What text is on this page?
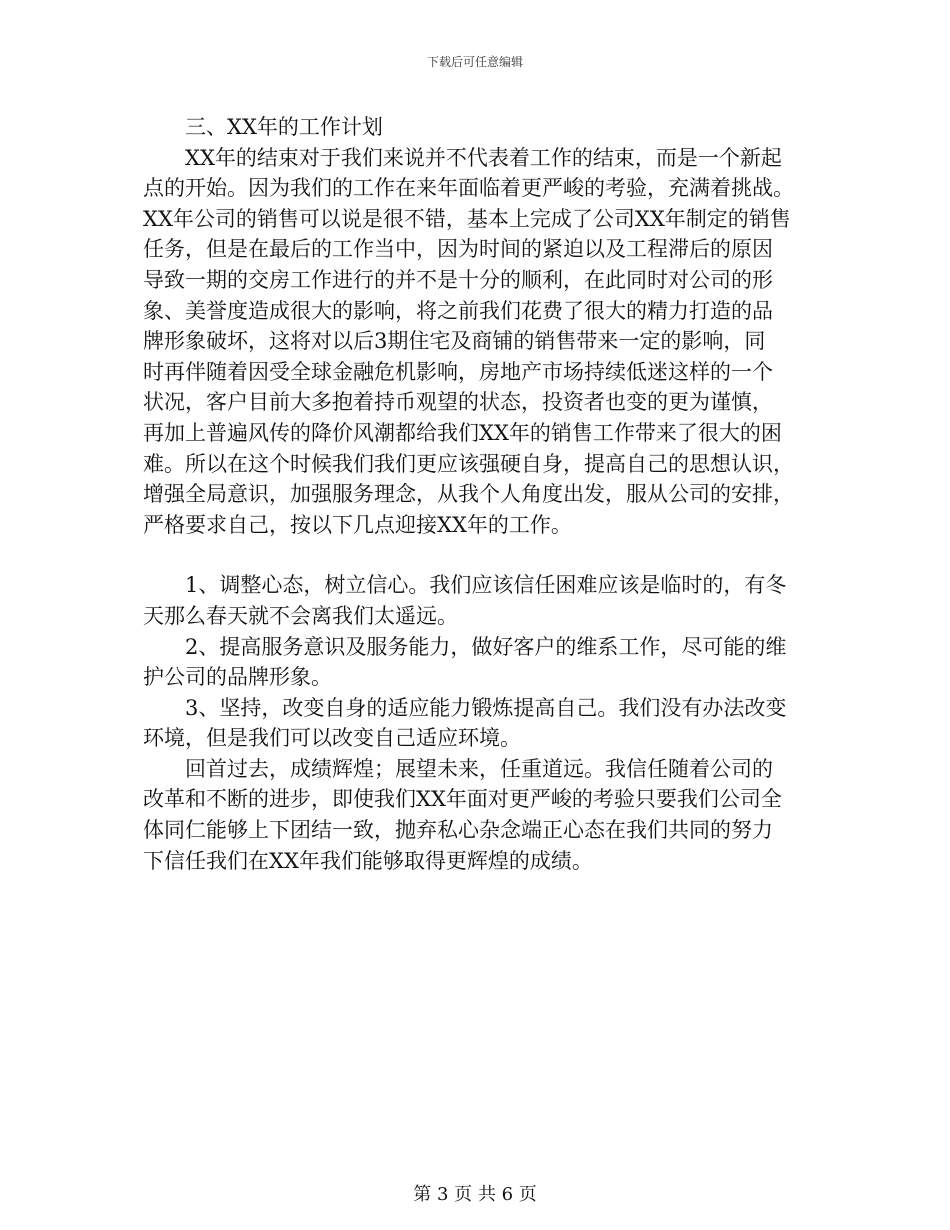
下载后可任意编辑
三、XX年的工作计划
XX年的结束对于我们来说并不代表着工作的结束，而是一个新起
点的开始。因为我们的工作在来年面临着更严峻的考验，充满着挑战。
XX年公司的销售可以说是很不错，基本上完成了公司XX年制定的销售
任务，但是在最后的工作当中，因为时间的紧迫以及工程滞后的原因
导致一期的交房工作进行的并不是十分的顺利，在此同时对公司的形
象、美誉度造成很大的影响，将之前我们花费了很大的精力打造的品
牌形象破坏，这将对以后3期住宅及商铺的销售带来一定的影响，同
时再伴随着因受全球金融危机影响，房地产市场持续低迷这样的一个
状况，客户目前大多抱着持币观望的状态，投资者也变的更为谨慎，
再加上普遍风传的降价风潮都给我们XX年的销售工作带来了很大的困
难。所以在这个时候我们我们更应该强硬自身，提高自己的思想认识，
增强全局意识，加强服务理念，从我个人角度出发，服从公司的安排，
严格要求自己，按以下几点迎接XX年的工作。
1、调整心态，树立信心。我们应该信任困难应该是临时的，有冬
天那么春天就不会离我们太遥远。
2、提高服务意识及服务能力，做好客户的维系工作，尽可能的维
护公司的品牌形象。
3、坚持，改变自身的适应能力锻炼提高自己。我们没有办法改变
环境，但是我们可以改变自己适应环境。
回首过去，成绩辉煌；展望未来，任重道远。我信任随着公司的
改革和不断的进步，即使我们XX年面对更严峻的考验只要我们公司全
体同仁能够上下团结一致，抛弃私心杂念端正心态在我们共同的努力
下信任我们在XX年我们能够取得更辉煌的成绩。
第 3 页 共 6 页
